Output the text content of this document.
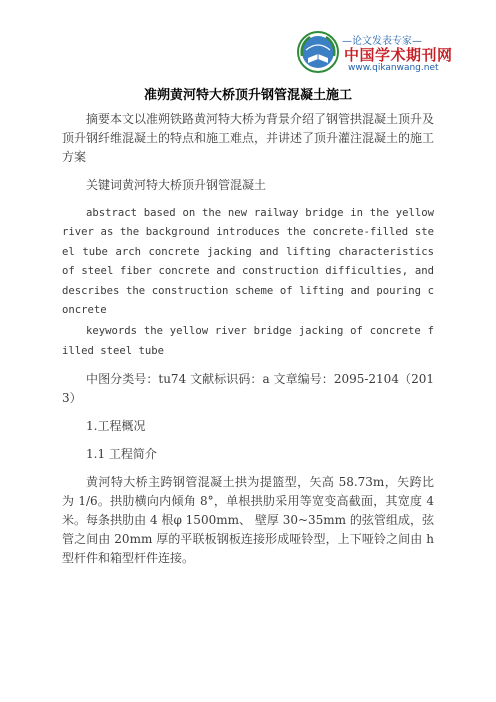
—论文发表专家—
中国学术期刊网
www.qikanwang.net
准朔黄河特大桥顶升钢管混凝土施工

摘要本文以准朔铁路黄河特大桥为背景介绍了钢管拱混凝土顶升及顶升钢纤维混凝土的特点和施工难点，并讲述了顶升灌注混凝土的施工方案

关键词黄河特大桥顶升钢管混凝土

abstract based on the new railway bridge in the yellow river as the background introduces the concrete-filled steel tube arch concrete jacking and lifting characteristics of steel fiber concrete and construction difficulties, and describes the construction scheme of lifting and pouring concrete

keywords the yellow river bridge jacking of concrete filled steel tube

中图分类号：tu74 文献标识码：a 文章编号：2095-2104（2013）

1.工程概况

1.1 工程简介

黄河特大桥主跨钢管混凝土拱为提篮型，矢高 58.73m，矢跨比为 1/6。拱肋横向内倾角 8°，单根拱肋采用等宽变高截面，其宽度 4 米。每条拱肋由 4 根φ 1500mm、 壁厚 30~35mm 的弦管组成，弦管之间由 20mm 厚的平联板钢板连接形成哑铃型，上下哑铃之间由 h 型杆件和箱型杆件连接。
